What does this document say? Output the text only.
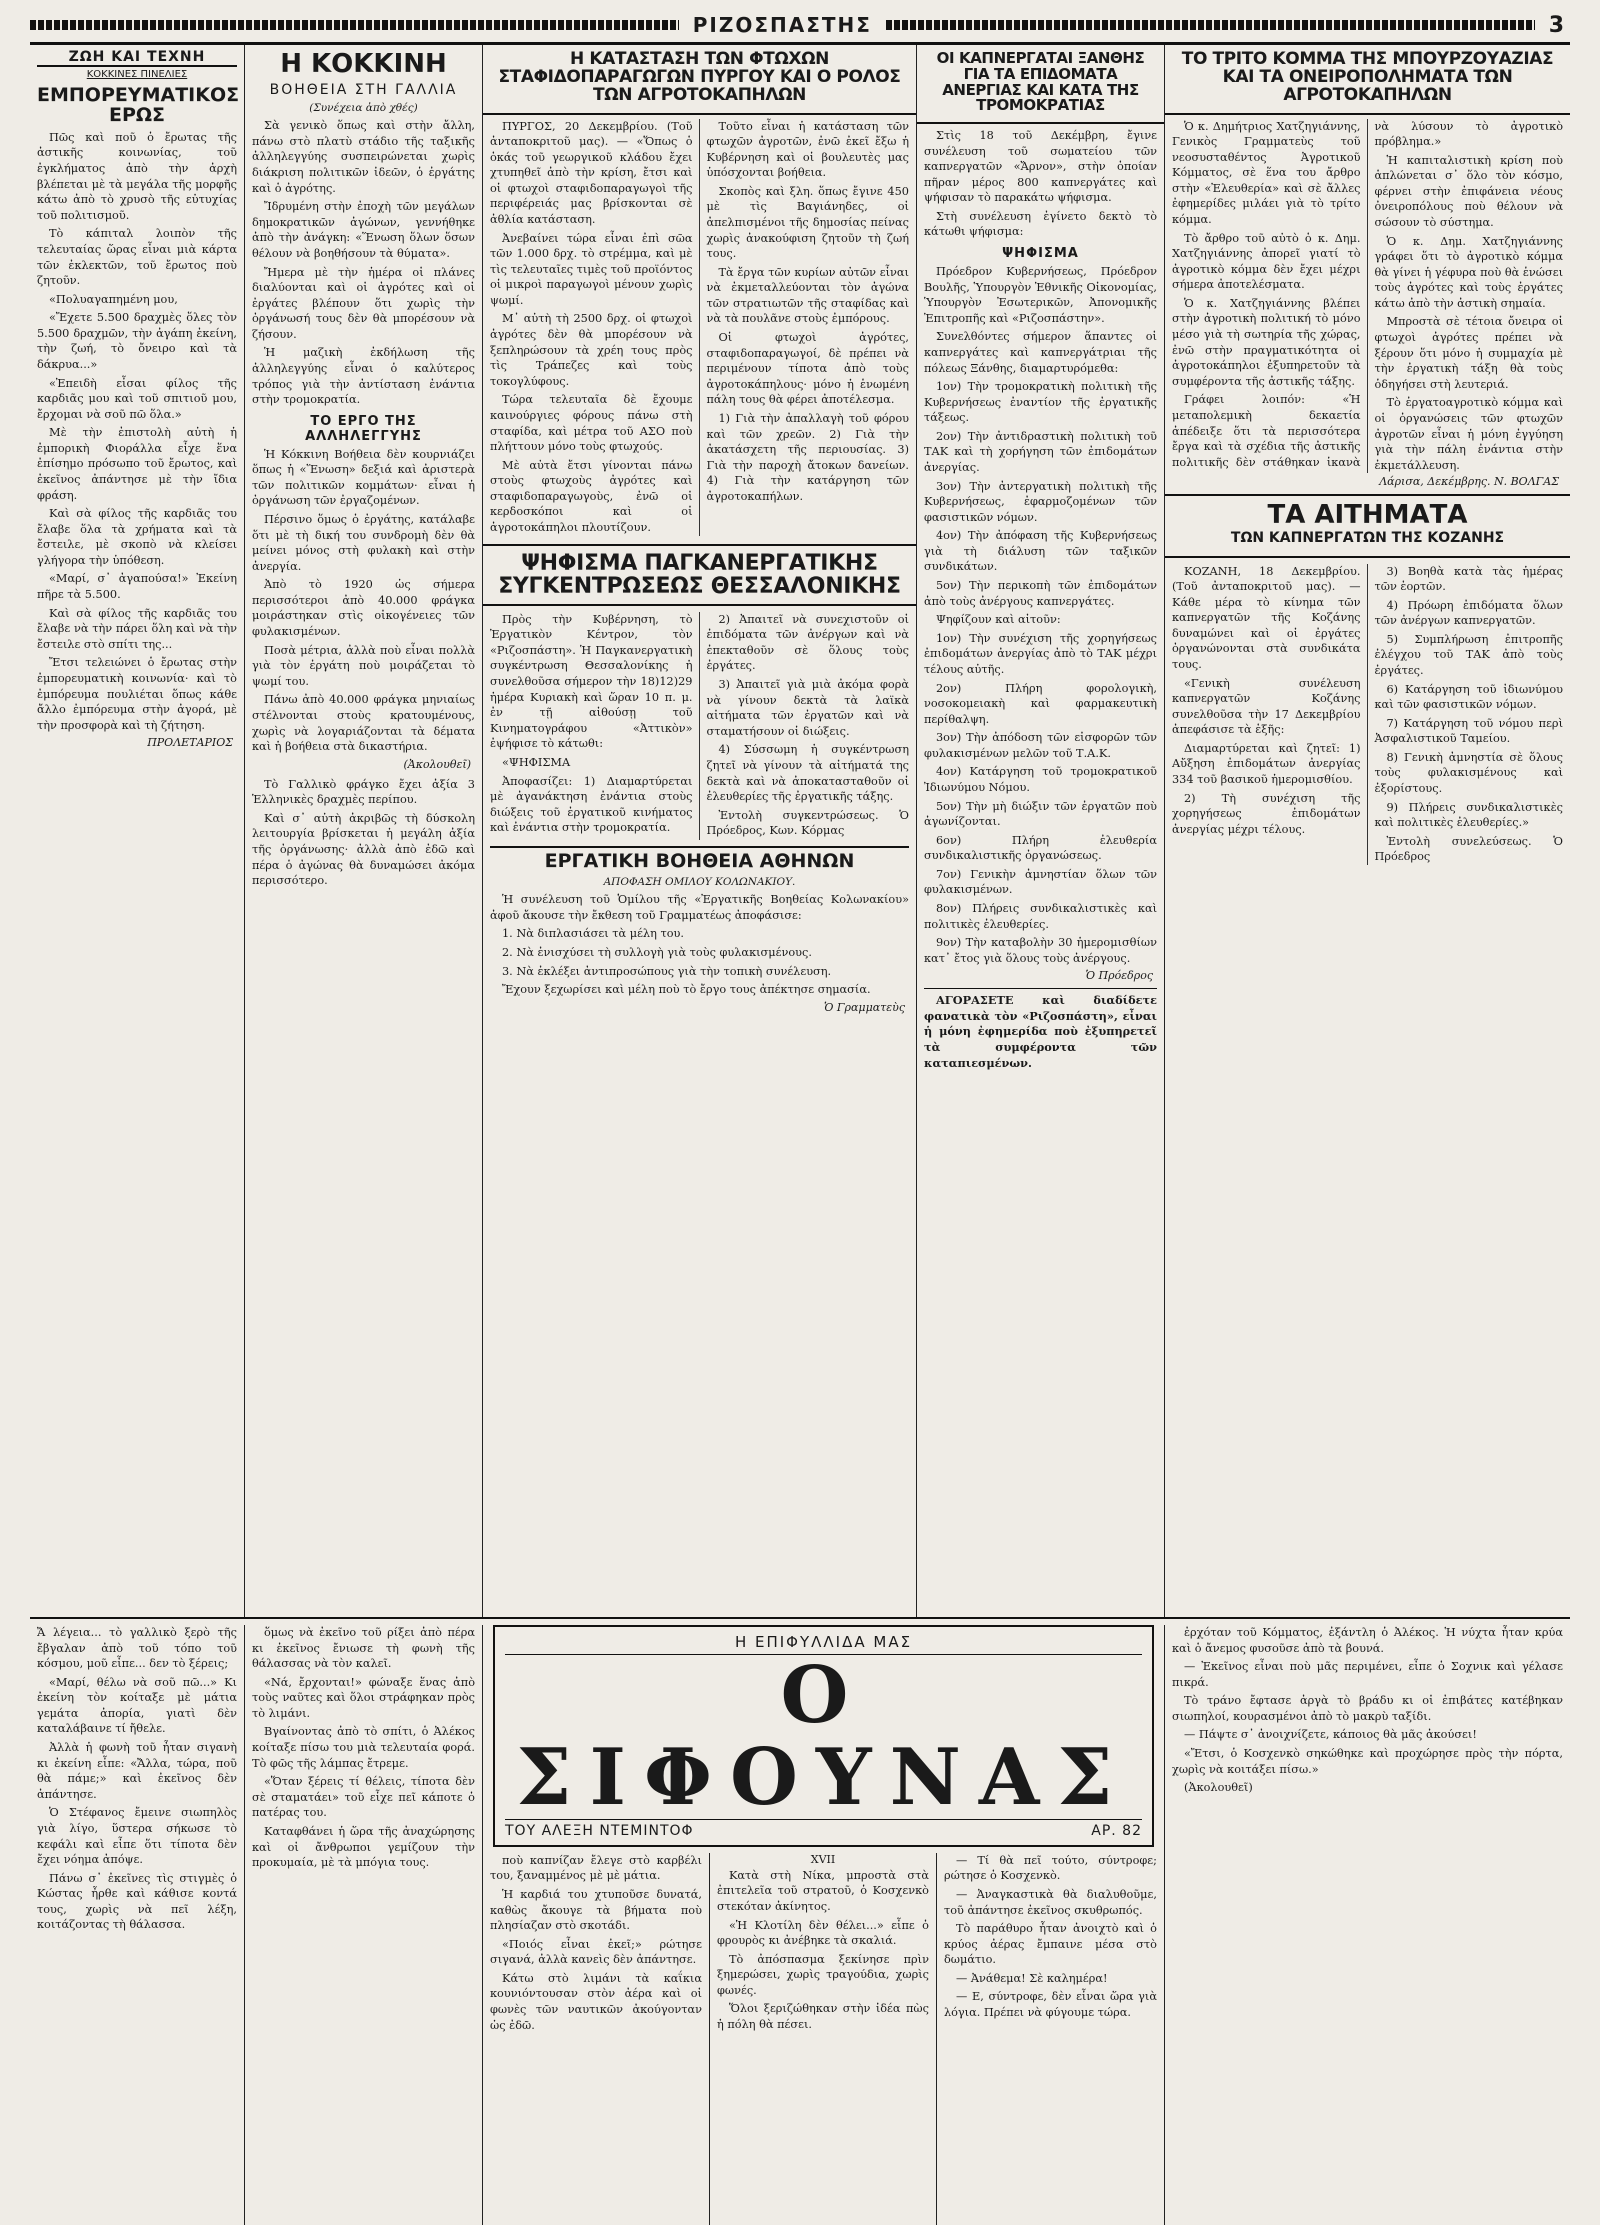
ΡΙΖΟΣΠΑΣΤΗΣ	3
ΖΩΗ ΚΑΙ ΤΕΧΝΗ
ΚΟΚΚΙΝΕΣ ΠΙΝΕΛΙΕΣ
ΕΜΠΟΡΕΥΜΑΤΙΚΟΣ ΕΡΩΣ

Πῶς καὶ ποῦ ὁ ἔρωτας τῆς ἀστικῆς κοινωνίας, τοῦ ἐγκλήματος ἀπὸ τὴν ἀρχὴ βλέπεται μὲ τὰ μεγάλα τῆς μορφῆς κάτω ἀπὸ τὸ χρυσὸ τῆς εὐτυχίας τοῦ πολιτισμοῦ.

Τὸ κάπιταλ λοιπὸν τῆς τελευταίας ὥρας εἶναι μιὰ κάρτα τῶν ἐκλεκτῶν, τοῦ ἔρωτος ποὺ ζητοῦν.

«Πολυαγαπημένη μου,

«Ἔχετε 5.500 δραχμὲς ὅλες τὸν 5.500 δραχμῶν, τὴν ἀγάπη ἐκείνη, τὴν ζωή, τὸ ὄνειρο καὶ τὰ δάκρυα...»

«Ἐπειδὴ εἶσαι φίλος τῆς καρδιᾶς μου καὶ τοῦ σπιτιοῦ μου, ἔρχομαι νὰ σοῦ πῶ ὅλα.»

Μὲ τὴν ἐπιστολὴ αὐτὴ ἡ ἐμπορικὴ Φιοράλλα εἶχε ἕνα ἐπίσημο πρόσωπο τοῦ ἔρωτος, καὶ ἐκεῖνος ἀπάντησε μὲ τὴν ἴδια φράση.

Καὶ σὰ φίλος τῆς καρδιᾶς του ἔλαβε ὅλα τὰ χρήματα καὶ τὰ ἔστειλε, μὲ σκοπὸ νὰ κλείσει γλήγορα τὴν ὑπόθεση.

«Μαρί, σ᾽ ἀγαπούσα!» Ἐκείνη πῆρε τὰ 5.500.

Καὶ σὰ φίλος τῆς καρδιᾶς του ἔλαβε νὰ τὴν πάρει ὅλη καὶ νὰ τὴν ἔστειλε στὸ σπίτι της...

Ἔτσι τελειώνει ὁ ἔρωτας στὴν ἐμπορευματικὴ κοινωνία· καὶ τὸ ἐμπόρευμα πουλιέται ὅπως κάθε ἄλλο ἐμπόρευμα στὴν ἀγορά, μὲ τὴν προσφορὰ καὶ τὴ ζήτηση.

ΠΡΟΛΕΤΑΡΙΟΣ
Η ΚΟΚΚΙΝΗ
ΒΟΗΘΕΙΑ ΣΤΗ ΓΑΛΛΙΑ
(Συνέχεια ἀπὸ χθές)

Σὰ γενικὸ ὅπως καὶ στὴν ἄλλη, πάνω στὸ πλατὺ στάδιο τῆς ταξικῆς ἀλληλεγγύης συσπειρώνεται χωρὶς διάκριση πολιτικῶν ἰδεῶν, ὁ ἐργάτης καὶ ὁ ἀγρότης.

Ἴδρυμένη στὴν ἐποχὴ τῶν μεγάλων δημοκρατικῶν ἀγώνων, γεννήθηκε ἀπὸ τὴν ἀνάγκη: «Ἕνωση ὅλων ὅσων θέλουν νὰ βοηθήσουν τὰ θύματα».

Ἤμερα μὲ τὴν ἡμέρα οἱ πλάνες διαλύονται καὶ οἱ ἀγρότες καὶ οἱ ἐργάτες βλέπουν ὅτι χωρὶς τὴν ὀργάνωσή τους δὲν θὰ μπορέσουν νὰ ζήσουν.

Ἡ μαζικὴ ἐκδήλωση τῆς ἀλληλεγγύης εἶναι ὁ καλύτερος τρόπος γιὰ τὴν ἀντίσταση ἐνάντια στὴν τρομοκρατία.

ΤΟ ΕΡΓΟ ΤΗΣ ΑΛΛΗΛΕΓΓΥΗΣ

Ἡ Κόκκινη Βοήθεια δὲν κουρνιάζει ὅπως ἡ «Ἕνωση» δεξιά καὶ ἀριστερὰ τῶν πολιτικῶν κομμάτων· εἶναι ἡ ὀργάνωση τῶν ἐργαζομένων.

Πέρσινο ὅμως ὁ ἐργάτης, κατάλαβε ὅτι μὲ τὴ δική του συνδρομὴ δὲν θὰ μείνει μόνος στὴ φυλακὴ καὶ στὴν ἀνεργία.

Ἀπὸ τὸ 1920 ὡς σήμερα περισσότεροι ἀπὸ 40.000 φράγκα μοιράστηκαν στὶς οἰκογένειες τῶν φυλακισμένων.

Ποσὰ μέτρια, ἀλλὰ ποὺ εἶναι πολλὰ γιὰ τὸν ἐργάτη ποὺ μοιράζεται τὸ ψωμί του.

Πάνω ἀπὸ 40.000 φράγκα μηνιαίως στέλνονται στοὺς κρατουμένους, χωρὶς νὰ λογαριάζονται τὰ δέματα καὶ ἡ βοήθεια στὰ δικαστήρια.

(Ἀκολουθεῖ)

Τὸ Γαλλικὸ φράγκο ἔχει ἀξία 3 Ἑλληνικὲς δραχμὲς περίπου.

Καὶ σ᾽ αὐτὴ ἀκριβῶς τὴ δύσκολη λειτουργία βρίσκεται ἡ μεγάλη ἀξία τῆς ὀργάνωσης· ἀλλὰ ἀπὸ ἐδῶ καὶ πέρα ὁ ἀγώνας θὰ δυναμώσει ἀκόμα περισσότερο.

Η ΚΑΤΑΣΤΑΣΗ ΤΩΝ ΦΤΩΧΩΝ ΣΤΑΦΙΔΟΠΑΡΑΓΩΓΩΝ ΠΥΡΓΟΥ ΚΑΙ Ο ΡΟΛΟΣ ΤΩΝ ΑΓΡΟΤΟΚΑΠΗΛΩΝ

ΠΥΡΓΟΣ, 20 Δεκεμβρίου. (Τοῦ ἀνταποκριτοῦ μας). — «Ὅπως ὁ ὁκάς τοῦ γεωργικοῦ κλάδου ἔχει χτυπηθεῖ ἀπὸ τὴν κρίση, ἔτσι καὶ οἱ φτωχοὶ σταφιδοπαραγωγοὶ τῆς περιφέρειάς μας βρίσκονται σὲ ἀθλία κατάσταση.

Ἀνεβαίνει τώρα εἶναι ἐπὶ σῶα τῶν 1.000 δρχ. τὸ στρέμμα, καὶ μὲ τὶς τελευταῖες τιμὲς τοῦ προϊόντος οἱ μικροὶ παραγωγοὶ μένουν χωρὶς ψωμί.

Μ᾽ αὐτὴ τὴ 2500 δρχ. οἱ φτωχοὶ ἀγρότες δὲν θὰ μπορέσουν νὰ ξεπληρώσουν τὰ χρέη τους πρὸς τὶς Τράπεζες καὶ τοὺς τοκογλύφους.

Τώρα τελευταῖα δὲ ἔχουμε καινούργιες φόρους πάνω στὴ σταφίδα, καὶ μέτρα τοῦ ΑΣΟ ποὺ πλήττουν μόνο τοὺς φτωχούς.

Μὲ αὐτὰ ἔτσι γίνονται πάνω στοὺς φτωχοὺς ἀγρότες καὶ σταφιδοπαραγωγοὺς, ἐνῶ οἱ κερδοσκόποι καὶ οἱ ἀγροτοκάπηλοι πλουτίζουν.

Τοῦτο εἶναι ἡ κατάσταση τῶν φτωχῶν ἀγροτῶν, ἐνῶ ἐκεῖ ἔξω ἡ Κυβέρνηση καὶ οἱ βουλευτὲς μας ὑπόσχονται βοήθεια.

Σκοπὸς καὶ ξλη. ὅπως ἔγινε 450 μὲ τὶς Βαγιάνηδες, οἱ ἀπελπισμένοι τῆς δημοσίας πείνας χωρὶς ἀνακούφιση ζητοῦν τὴ ζωή τους.

Τὰ ἔργα τῶν κυρίων αὐτῶν εἶναι νὰ ἐκμεταλλεύονται τὸν ἀγώνα τῶν στρατιωτῶν τῆς σταφίδας καὶ νὰ τὰ πουλᾶνε στοὺς ἐμπόρους.

Οἱ φτωχοὶ ἀγρότες, σταφιδοπαραγωγοί, δὲ πρέπει νὰ περιμένουν τίποτα ἀπὸ τοὺς ἀγροτοκάπηλους· μόνο ἡ ἑνωμένη πάλη τους θὰ φέρει ἀποτέλεσμα.

1) Γιὰ τὴν ἀπαλλαγὴ τοῦ φόρου καὶ τῶν χρεῶν. 2) Γιὰ τὴν ἀκατάσχετη τῆς περιουσίας. 3) Γιὰ τὴν παροχὴ ἄτοκων δανείων. 4) Γιὰ τὴν κατάργηση τῶν ἀγροτοκαπήλων.

ΨΗΦΙΣΜΑ ΠΑΓΚΑΝΕΡΓΑΤΙΚΗΣ ΣΥΓΚΕΝΤΡΩΣΕΩΣ ΘΕΣΣΑΛΟΝΙΚΗΣ

Πρὸς τὴν Κυβέρνηση, τὸ Ἐργατικὸν Κέντρον, τὸν «Ριζοσπάστη». Ἡ Παγκανεργατικὴ συγκέντρωση Θεσσαλονίκης ἡ συνελθοῦσα σήμερον τὴν 18)12)29 ἡμέρα Κυριακὴ καὶ ὥραν 10 π. μ. ἐν τῇ αἰθούσῃ τοῦ Κινηματογράφου «Ἀττικὸν» ἐψήφισε τὸ κάτωθι:

«ΨΗΦΙΣΜΑ

Ἀποφασίζει: 1) Διαμαρτύρεται μὲ ἀγανάκτηση ἐνάντια στοὺς διώξεις τοῦ ἐργατικοῦ κινήματος καὶ ἐνάντια στὴν τρομοκρατία.

2) Ἀπαιτεῖ νὰ συνεχιστοῦν οἱ ἐπιδόματα τῶν ἀνέργων καὶ νὰ ἐπεκταθοῦν σὲ ὅλους τοὺς ἐργάτες.

3) Ἀπαιτεῖ γιὰ μιὰ ἀκόμα φορὰ νὰ γίνουν δεκτὰ τὰ λαϊκὰ αἰτήματα τῶν ἐργατῶν καὶ νὰ σταματήσουν οἱ διώξεις.

4) Σύσσωμη ἡ συγκέντρωση ζητεῖ νὰ γίνουν τὰ αἰτήματά της δεκτὰ καὶ νὰ ἀποκατασταθοῦν οἱ ἐλευθερίες τῆς ἐργατικῆς τάξης.

Ἐντολὴ συγκεντρώσεως. Ὁ Πρόεδρος, Κων. Κόρμας

ΕΡΓΑΤΙΚΗ ΒΟΗΘΕΙΑ ΑΘΗΝΩΝ
ΑΠΟΦΑΣΗ ΟΜΙΛΟΥ ΚΟΛΩΝΑΚΙΟΥ.

Ἡ συνέλευση τοῦ Ὁμίλου τῆς «Ἐργατικῆς Βοηθείας Κολωνακίου» ἀφοῦ ἄκουσε τὴν ἔκθεση τοῦ Γραμματέως ἀποφάσισε:

1. Νὰ διπλασιάσει τὰ μέλη του.

2. Νὰ ἐνισχύσει τὴ συλλογὴ γιὰ τοὺς φυλακισμένους.

3. Νὰ ἐκλέξει ἀντιπροσώπους γιὰ τὴν τοπικὴ συνέλευση.

Ἔχουν ξεχωρίσει καὶ μέλη ποὺ τὸ ἔργο τους ἀπέκτησε σημασία.

Ὁ Γραμματεὺς
ΟΙ ΚΑΠΝΕΡΓΑΤΑΙ ΞΑΝΘΗΣ ΓΙΑ ΤΑ ΕΠΙΔΟΜΑΤΑ ΑΝΕΡΓΙΑΣ ΚΑΙ ΚΑΤΑ ΤΗΣ ΤΡΟΜΟΚΡΑΤΙΑΣ

Στὶς 18 τοῦ Δεκέμβρη, ἔγινε συνέλευση τοῦ σωματείου τῶν καπνεργατῶν «Ἄρνον», στὴν ὁποίαν πῆραν μέρος 800 καπνεργάτες καὶ ψήφισαν τὸ παρακάτω ψήφισμα.

Στὴ συνέλευση ἐγίνετο δεκτὸ τὸ κάτωθι ψήφισμα:

ΨΗΦΙΣΜΑ

Πρόεδρον Κυβερνήσεως, Πρόεδρον Βουλῆς, Ὑπουργὸν Ἐθνικῆς Οἰκονομίας, Ὑπουργὸν Ἐσωτερικῶν, Ἀπονομικῆς Ἐπιτροπῆς καὶ «Ριζοσπάστην».

Συνελθόντες σήμερον ἅπαντες οἱ καπνεργάτες καὶ καπνεργάτριαι τῆς πόλεως Ξάνθης, διαμαρτυρόμεθα:

1ον) Τὴν τρομοκρατικὴ πολιτικὴ τῆς Κυβερνήσεως ἐναντίον τῆς ἐργατικῆς τάξεως.

2ον) Τὴν ἀντιδραστικὴ πολιτικὴ τοῦ ΤΑΚ καὶ τὴ χορήγηση τῶν ἐπιδομάτων ἀνεργίας.

3ον) Τὴν ἀντεργατικὴ πολιτικὴ τῆς Κυβερνήσεως, ἐφαρμοζομένων τῶν φασιστικῶν νόμων.

4ον) Τὴν ἀπόφαση τῆς Κυβερνήσεως γιὰ τὴ διάλυση τῶν ταξικῶν συνδικάτων.

5ον) Τὴν περικοπὴ τῶν ἐπιδομάτων ἀπὸ τοὺς ἀνέργους καπνεργάτες.

Ψηφίζουν καὶ αἰτοῦν:

1ον) Τὴν συνέχιση τῆς χορηγήσεως ἐπιδομάτων ἀνεργίας ἀπὸ τὸ ΤΑΚ μέχρι τέλους αὐτῆς.

2ον) Πλήρη φορολογικὴ, νοσοκομειακὴ καὶ φαρμακευτικὴ περίθαλψη.

3ον) Τὴν ἀπόδοση τῶν εἰσφορῶν τῶν φυλακισμένων μελῶν τοῦ Τ.Α.Κ.

4ον) Κατάργηση τοῦ τρομοκρατικοῦ Ἰδιωνύμου Νόμου.

5ον) Τὴν μὴ διώξιν τῶν ἐργατῶν ποὺ ἀγωνίζονται.

6ον) Πλήρη ἐλευθερία συνδικαλιστικῆς ὀργανώσεως.

7ον) Γενικὴν ἀμνηστίαν ὅλων τῶν φυλακισμένων.

8ον) Πλήρεις συνδικαλιστικὲς καὶ πολιτικὲς ἐλευθερίες.

9ον) Τὴν καταβολὴν 30 ἡμερομισθίων κατ᾽ ἔτος γιὰ ὅλους τοὺς ἀνέργους.

Ὁ Πρόεδρος

ΑΓΟΡΑΣΕΤΕ καὶ διαδίδετε φανατικὰ τὸν «Ριζοσπάστη», εἶναι ἡ μόνη ἐφημερίδα ποὺ ἐξυπηρετεῖ τὰ συμφέροντα τῶν καταπιεσμένων.

ΤΟ ΤΡΙΤΟ ΚΟΜΜΑ ΤΗΣ ΜΠΟΥΡΖΟΥΑΖΙΑΣ ΚΑΙ ΤΑ ΟΝΕΙΡΟΠΟΛΗΜΑΤΑ ΤΩΝ ΑΓΡΟΤΟΚΑΠΗΛΩΝ

Ὁ κ. Δημήτριος Χατζηγιάννης, Γενικὸς Γραμματεὺς τοῦ νεοσυσταθέντος Ἀγροτικοῦ Κόμματος, σὲ ἕνα του ἄρθρο στὴν «Ἐλευθερία» καὶ σὲ ἄλλες ἐφημερίδες μιλάει γιὰ τὸ τρίτο κόμμα.

Τὸ ἄρθρο τοῦ αὐτὸ ὁ κ. Δημ. Χατζηγιάννης ἀπορεῖ γιατί τὸ ἀγροτικὸ κόμμα δὲν ἔχει μέχρι σήμερα ἀποτελέσματα.

Ὁ κ. Χατζηγιάννης βλέπει στὴν ἀγροτικὴ πολιτική τὸ μόνο μέσο γιὰ τὴ σωτηρία τῆς χώρας, ἐνῶ στὴν πραγματικότητα οἱ ἀγροτοκάπηλοι ἐξυπηρετοῦν τὰ συμφέροντα τῆς ἀστικῆς τάξης.

Γράφει λοιπόν: «Ἡ μεταπολεμικὴ δεκαετία ἀπέδειξε ὅτι τὰ περισσότερα ἔργα καὶ τὰ σχέδια τῆς ἀστικῆς πολιτικῆς δὲν στάθηκαν ἱκανὰ νὰ λύσουν τὸ ἀγροτικὸ πρόβλημα.»

Ἡ καπιταλιστικὴ κρίση ποὺ ἁπλώνεται σ᾽ ὅλο τὸν κόσμο, φέρνει στὴν ἐπιφάνεια νέους ὀνειροπόλους ποὺ θέλουν νὰ σώσουν τὸ σύστημα.

Ὁ κ. Δημ. Χατζηγιάννης γράφει ὅτι τὸ ἀγροτικὸ κόμμα θὰ γίνει ἡ γέφυρα ποὺ θὰ ἑνώσει τοὺς ἀγρότες καὶ τοὺς ἐργάτες κάτω ἀπὸ τὴν ἀστικὴ σημαία.

Μπροστὰ σὲ τέτοια ὄνειρα οἱ φτωχοὶ ἀγρότες πρέπει νὰ ξέρουν ὅτι μόνο ἡ συμμαχία μὲ τὴν ἐργατικὴ τάξη θὰ τοὺς ὁδηγήσει στὴ λευτεριά.

Τὸ ἐργατοαγροτικὸ κόμμα καὶ οἱ ὀργανώσεις τῶν φτωχῶν ἀγροτῶν εἶναι ἡ μόνη ἐγγύηση γιὰ τὴν πάλη ἐνάντια στὴν ἐκμετάλλευση.

Λάρισα, Δεκέμβρης. Ν. ΒΟΛΓΑΣ
ΤΑ ΑΙΤΗΜΑΤΑ
ΤΩΝ ΚΑΠΝΕΡΓΑΤΩΝ ΤΗΣ ΚΟΖΑΝΗΣ

ΚΟΖΑΝΗ, 18 Δεκεμβρίου. (Τοῦ ἀνταποκριτοῦ μας). — Κάθε μέρα τὸ κίνημα τῶν καπνεργατῶν τῆς Κοζάνης δυναμώνει καὶ οἱ ἐργάτες ὀργανώνονται στὰ συνδικάτα τους.

«Γενικὴ συνέλευση καπνεργατῶν Κοζάνης συνελθοῦσα τὴν 17 Δεκεμβρίου ἀπεφάσισε τὰ ἑξῆς:

Διαμαρτύρεται καὶ ζητεῖ: 1) Αὔξηση ἐπιδομάτων ἀνεργίας 334 τοῦ βασικοῦ ἡμερομισθίου.

2) Τὴ συνέχιση τῆς χορηγήσεως ἐπιδομάτων ἀνεργίας μέχρι τέλους.

3) Βοηθὰ κατὰ τὰς ἡμέρας τῶν ἑορτῶν.

4) Πρόωρη ἐπιδόματα ὅλων τῶν ἀνέργων καπνεργατῶν.

5) Συμπλήρωση ἐπιτροπῆς ἐλέγχου τοῦ ΤΑΚ ἀπὸ τοὺς ἐργάτες.

6) Κατάργηση τοῦ ἰδιωνύμου καὶ τῶν φασιστικῶν νόμων.

7) Κατάργηση τοῦ νόμου περὶ Ἀσφαλιστικοῦ Ταμείου.

8) Γενικὴ ἀμνηστία σὲ ὅλους τοὺς φυλακισμένους καὶ ἐξορίστους.

9) Πλήρεις συνδικαλιστικὲς καὶ πολιτικὲς ἐλευθερίες.»

Ἐντολὴ συνελεύσεως. Ὁ Πρόεδρος

Ἄ λέγεια... τὸ γαλλικὸ ξερὸ τῆς ἔβγαλαν ἀπὸ τοῦ τόπο τοῦ κόσμου, μοῦ εἶπε... δεν τὸ ξέρεις;

«Μαρί, θέλω νὰ σοῦ πῶ...» Κι ἐκείνη τὸν κοίταξε μὲ μάτια γεμάτα ἀπορία, γιατὶ δὲν καταλάβαινε τί ἤθελε.

Ἀλλὰ ἡ φωνὴ τοῦ ἦταν σιγανὴ κι ἐκείνη εἶπε: «Ἄλλα, τώρα, ποῦ θὰ πάμε;» καὶ ἐκεῖνος δὲν ἀπάντησε.

Ὁ Στέφανος ἔμεινε σιωπηλὸς γιὰ λίγο, ὕστερα σήκωσε τὸ κεφάλι καὶ εἶπε ὅτι τίποτα δὲν ἔχει νόημα ἀπόψε.

Πάνω σ᾽ ἐκεῖνες τὶς στιγμὲς ὁ Κώστας ἦρθε καὶ κάθισε κοντά τους, χωρὶς νὰ πεῖ λέξη, κοιτάζοντας τὴ θάλασσα.

ὅμως νὰ ἐκεῖνο τοῦ ρίξει ἀπὸ πέρα κι ἐκεῖνος ἔνιωσε τὴ φωνὴ τῆς θάλασσας νὰ τὸν καλεῖ.

«Νά, ἔρχονται!» φώναξε ἕνας ἀπὸ τοὺς ναῦτες καὶ ὅλοι στράφηκαν πρὸς τὸ λιμάνι.

Βγαίνοντας ἀπὸ τὸ σπίτι, ὁ Ἀλέκος κοίταξε πίσω του μιὰ τελευταία φορά. Τὸ φῶς τῆς λάμπας ἔτρεμε.

«Ὅταν ξέρεις τί θέλεις, τίποτα δὲν σὲ σταματάει» τοῦ εἶχε πεῖ κάποτε ὁ πατέρας του.

Καταφθάνει ἡ ὥρα τῆς ἀναχώρησης καὶ οἱ ἄνθρωποι γεμίζουν τὴν προκυμαία, μὲ τὰ μπόγια τους.

Η ΕΠΙΦΥΛΛΙΔΑ ΜΑΣ
Ο ΣΙΦΟΥΝΑΣ
ΤΟΥ ΑΛΕΞΗ ΝΤΕΜΙΝΤΟΦ	ΑΡ. 82

ποὺ καπνίζαν ἔλεγε στὸ καρβέλι του, ξαναμμένος μὲ μὲ μάτια.

Ἡ καρδιά του χτυποῦσε δυνατά, καθὼς ἄκουγε τὰ βήματα ποὺ πλησίαζαν στὸ σκοτάδι.

«Ποιός εἶναι ἐκεῖ;» ρώτησε σιγανά, ἀλλὰ κανεὶς δὲν ἀπάντησε.

Κάτω στὸ λιμάνι τὰ καΐκια κουνιόντουσαν στὸν ἀέρα καὶ οἱ φωνὲς τῶν ναυτικῶν ἀκούγονταν ὡς ἐδῶ.

XVII

Κατὰ στὴ Νίκα, μπροστὰ στὰ ἐπιτελεῖα τοῦ στρατοῦ, ὁ Κοσχενκὸ στεκόταν ἀκίνητος.

«Ἡ Κλοτίλη δὲν θέλει...» εἶπε ὁ φρουρὸς κι ἀνέβηκε τὰ σκαλιά.

Τὸ ἀπόσπασμα ξεκίνησε πρὶν ξημερώσει, χωρὶς τραγούδια, χωρὶς φωνές.

Ὅλοι ξεριζώθηκαν στὴν ἰδέα πὼς ἡ πόλη θὰ πέσει.

— Τί θὰ πεῖ τούτο, σύντροφε; ρώτησε ὁ Κοσχενκὸ.

— Ἀναγκαστικὰ θὰ διαλυθοῦμε, τοῦ ἀπάντησε ἐκεῖνος σκυθρωπός.

Τὸ παράθυρο ἦταν ἀνοιχτὸ καὶ ὁ κρύος ἀέρας ἔμπαινε μέσα στὸ δωμάτιο.

— Ἀνάθεμα! Σὲ καλημέρα!

— Ε, σύντροφε, δὲν εἶναι ὥρα γιὰ λόγια. Πρέπει νὰ φύγουμε τώρα.

ἐρχόταν τοῦ Κόμματος, ἐξάντλη ὁ Ἀλέκος. Ἡ νύχτα ἦταν κρύα καὶ ὁ ἄνεμος φυσοῦσε ἀπὸ τὰ βουνά.

— Ἐκεῖνος εἶναι ποὺ μᾶς περιμένει, εἶπε ὁ Σοχνικ καὶ γέλασε πικρά.

Τὸ τράνο ἔφτασε ἀργὰ τὸ βράδυ κι οἱ ἐπιβάτες κατέβηκαν σιωπηλοί, κουρασμένοι ἀπὸ τὸ μακρὺ ταξίδι.

— Πάψτε σ᾽ ἀνοιχνίζετε, κάποιος θὰ μᾶς ἀκούσει!

«Ἔτσι, ὁ Κοσχενκὸ σηκώθηκε καὶ προχώρησε πρὸς τὴν πόρτα, χωρὶς νὰ κοιτάξει πίσω.»

(Ἀκολουθεῖ)
